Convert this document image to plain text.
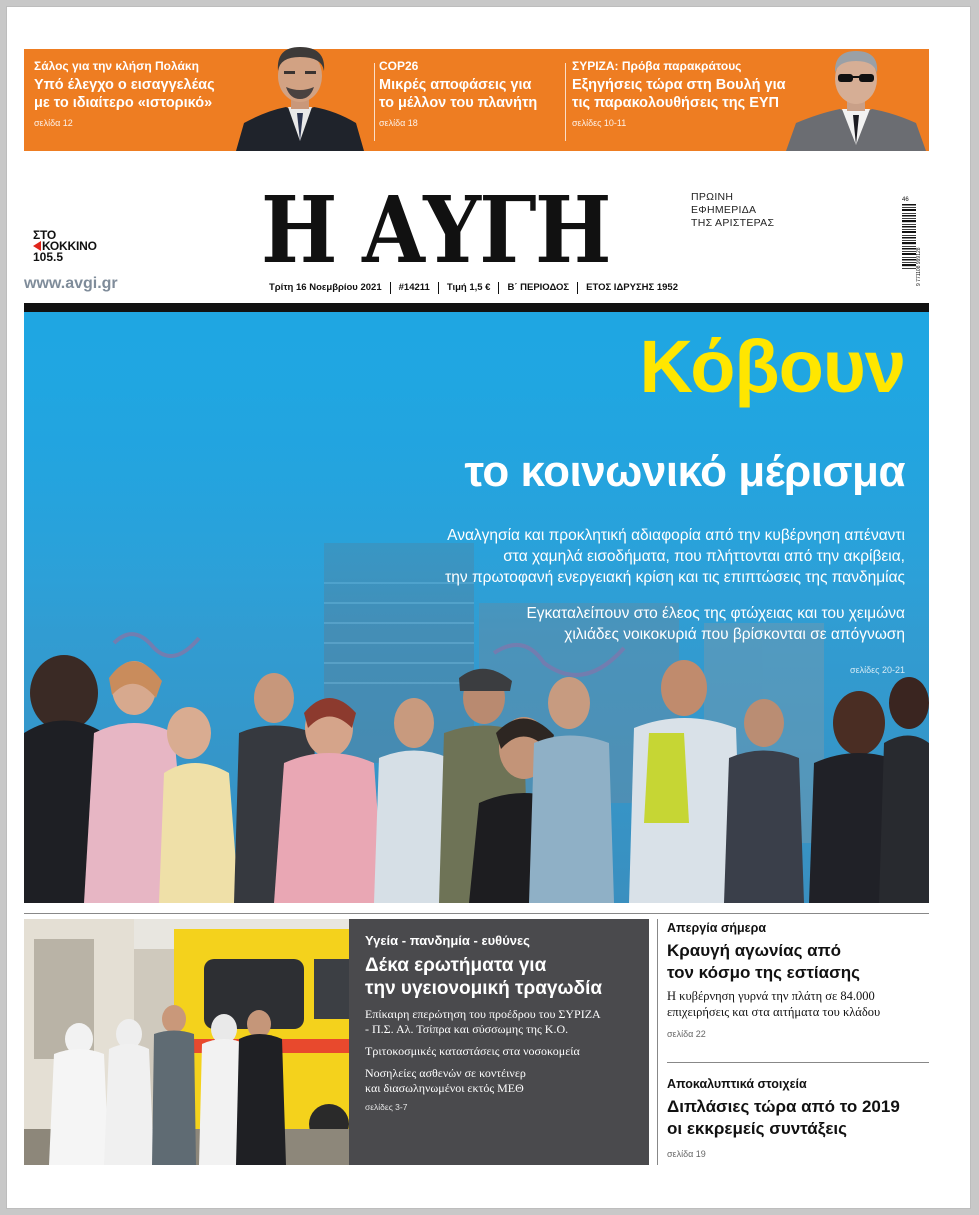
Σάλος για την κλήση Πολάκη
Υπό έλεγχο ο εισαγγελέας
με το ιδιαίτερο «ιστορικό»
σελίδα 12
COP26
Μικρές αποφάσεις για
το μέλλον του πλανήτη
σελίδα 18
ΣΥΡΙΖΑ: Πρόβα παρακράτους
Εξηγήσεις τώρα στη Βουλή για
τις παρακολουθήσεις της ΕΥΠ
σελίδες 10-11
ΣΤΟ
ΚΟΚΚΙΝΟ
105.5
www.avgi.gr Η ΑΥΓΗ	ΠΡΩΙΝΗ
ΕΦΗΜΕΡΙΔΑ
ΤΗΣ ΑΡΙΣΤΕΡΑΣ
46
9 771108 999128
Τρίτη 16 Νοεμβρίου 2021	#14211	Τιμή 1,5 €	Β΄ ΠΕΡΙΟΔΟΣ	ΕΤΟΣ ΙΔΡΥΣΗΣ 1952
Κόβουν
το κοινωνικό μέρισμα
Αναλγησία και προκλητική αδιαφορία από την κυβέρνηση απέναντι
στα χαμηλά εισοδήματα, που πλήττονται από την ακρίβεια,
την πρωτοφανή ενεργειακή κρίση και τις επιπτώσεις της πανδημίας
Εγκαταλείπουν στο έλεος της φτώχειας και του χειμώνα
χιλιάδες νοικοκυριά που βρίσκονται σε απόγνωση
σελίδες 20-21
Υγεία - πανδημία - ευθύνες
Δέκα ερωτήματα για
την υγειονομική τραγωδία
Επίκαιρη επερώτηση του προέδρου του ΣΥΡΙΖΑ
- Π.Σ. Αλ. Τσίπρα και σύσσωμης της Κ.Ο.
Τριτοκοσμικές καταστάσεις στα νοσοκομεία
Νοσηλείες ασθενών σε κοντέινερ
και διασωληνωμένοι εκτός ΜΕΘ
σελίδες 3-7
Απεργία σήμερα
Κραυγή αγωνίας από
τον κόσμο της εστίασης
Η κυβέρνηση γυρνά την πλάτη σε 84.000
επιχειρήσεις και στα αιτήματα του κλάδου
σελίδα 22
Αποκαλυπτικά στοιχεία
Διπλάσιες τώρα από το 2019
οι εκκρεμείς συντάξεις
σελίδα 19
